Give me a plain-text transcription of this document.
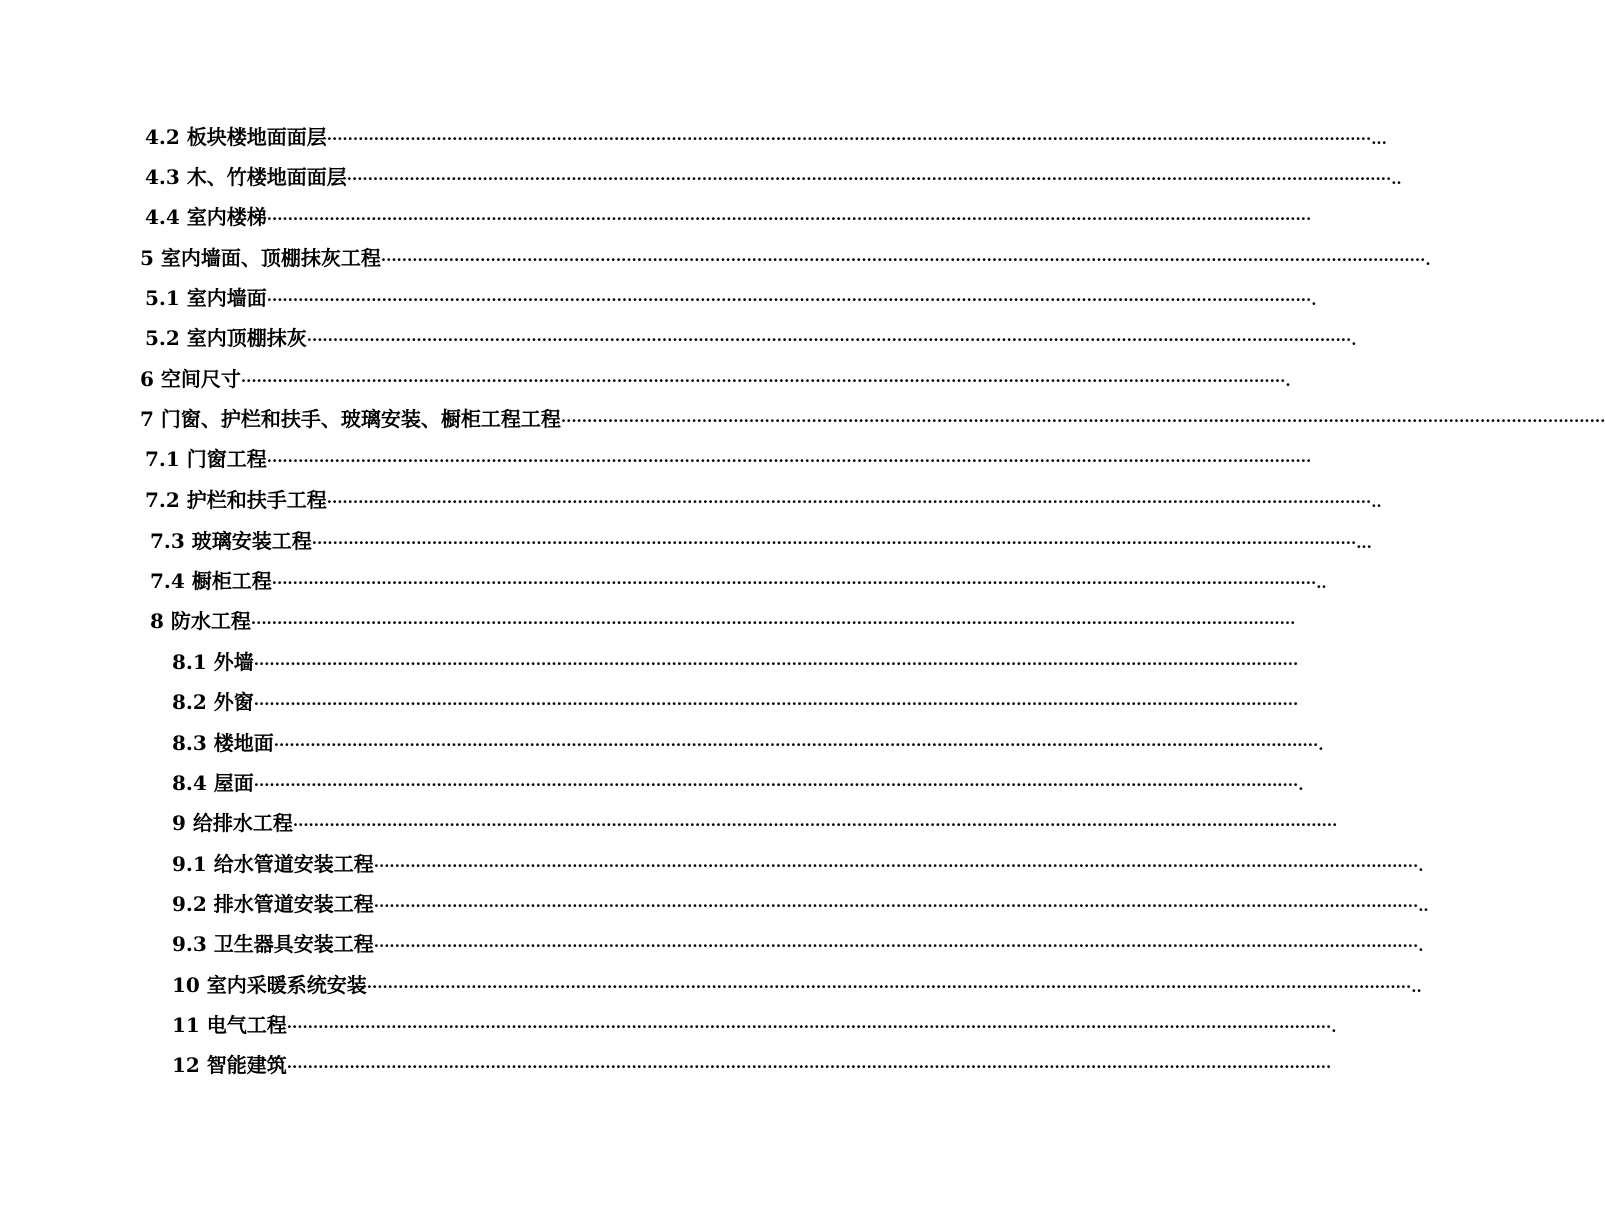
4.2 板块楼地面面层 ········································································································································································································ ...
4.3 木、竹楼地面面层 ········································································································································································································ ..
4.4 室内楼梯 ········································································································································································································
5 室内墙面、顶棚抹灰工程 ········································································································································································································ .
5.1 室内墙面 ········································································································································································································ .
5.2 室内顶棚抹灰 ········································································································································································································ .
6 空间尺寸 ········································································································································································································ .
7 门窗、护栏和扶手、玻璃安装、橱柜工程工程 ········································································································································································································
7.1 门窗工程 ········································································································································································································
7.2 护栏和扶手工程 ········································································································································································································ ..
7.3 玻璃安装工程 ········································································································································································································ ...
7.4 橱柜工程 ········································································································································································································ ..
8 防水工程 ········································································································································································································
8.1 外墙 ········································································································································································································
8.2 外窗 ········································································································································································································
8.3 楼地面 ········································································································································································································ .
8.4 屋面 ········································································································································································································ .
9 给排水工程 ········································································································································································································
9.1 给水管道安装工程 ········································································································································································································ .
9.2 排水管道安装工程 ········································································································································································································ ..
9.3 卫生器具安装工程 ········································································································································································································ .
10 室内采暖系统安装 ········································································································································································································ ..
11 电气工程 ········································································································································································································ .
12 智能建筑 ········································································································································································································
